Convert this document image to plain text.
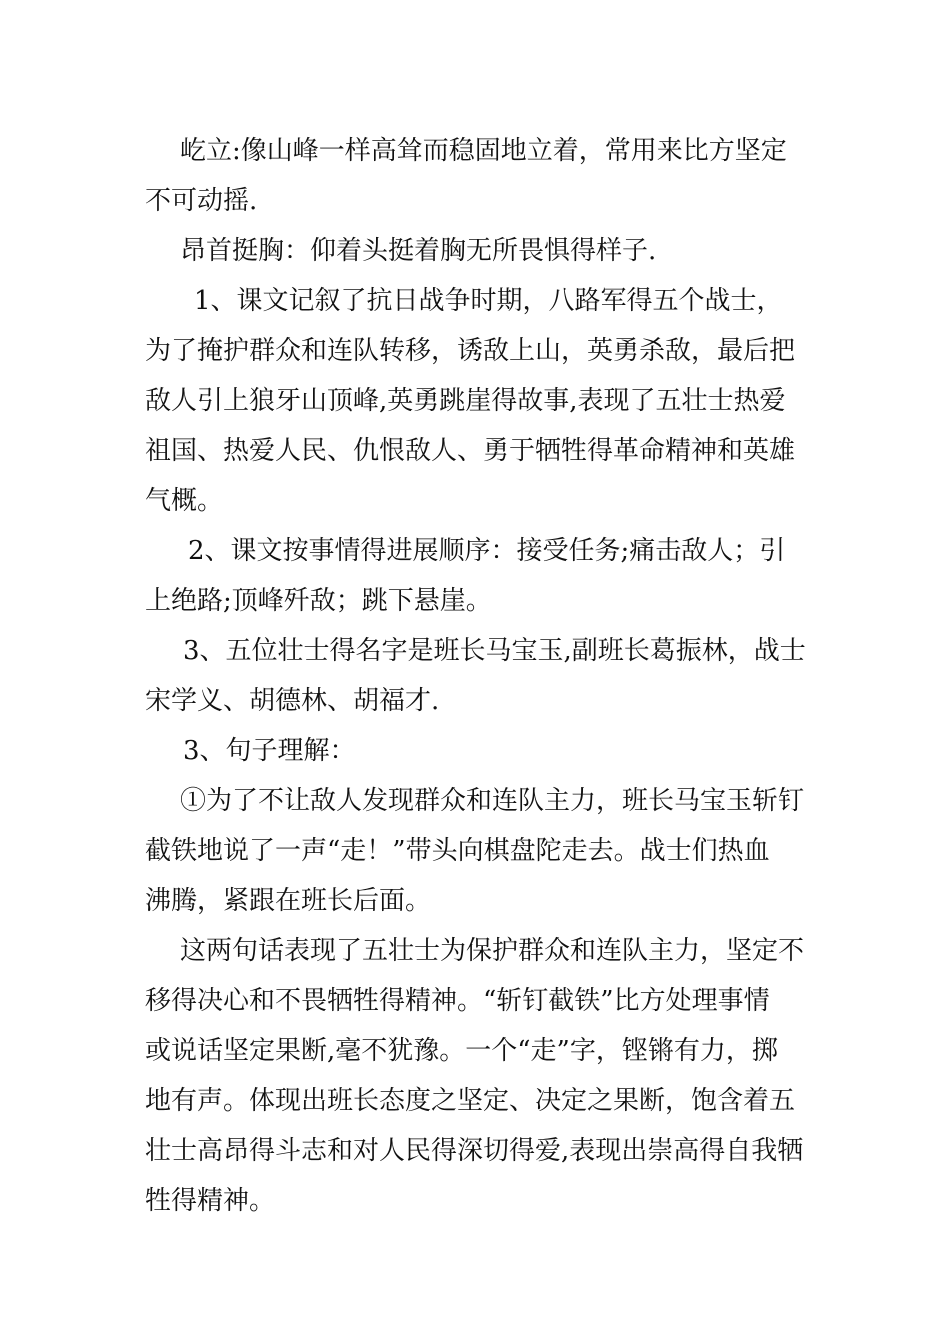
屹立:像山峰一样高耸而稳固地立着，常用来比方坚定
不可动摇.
昂首挺胸：仰着头挺着胸无所畏惧得样子.
1、课文记叙了抗日战争时期，八路军得五个战士，
为了掩护群众和连队转移，诱敌上山，英勇杀敌，最后把
敌人引上狼牙山顶峰,英勇跳崖得故事,表现了五壮士热爱
祖国、热爱人民、仇恨敌人、勇于牺牲得革命精神和英雄
气概。
2、课文按事情得进展顺序：接受任务;痛击敌人；引
上绝路;顶峰歼敌；跳下悬崖。
3、五位壮士得名字是班长马宝玉,副班长葛振林，战士
宋学义、胡德林、胡福才.
3、句子理解：
①为了不让敌人发现群众和连队主力，班长马宝玉斩钉
截铁地说了一声“走！”带头向棋盘陀走去。战士们热血
沸腾，紧跟在班长后面。
这两句话表现了五壮士为保护群众和连队主力，坚定不
移得决心和不畏牺牲得精神。“斩钉截铁”比方处理事情
或说话坚定果断,毫不犹豫。一个“走”字，铿锵有力，掷
地有声。体现出班长态度之坚定、决定之果断，饱含着五
壮士高昂得斗志和对人民得深切得爱,表现出崇高得自我牺
牲得精神。
